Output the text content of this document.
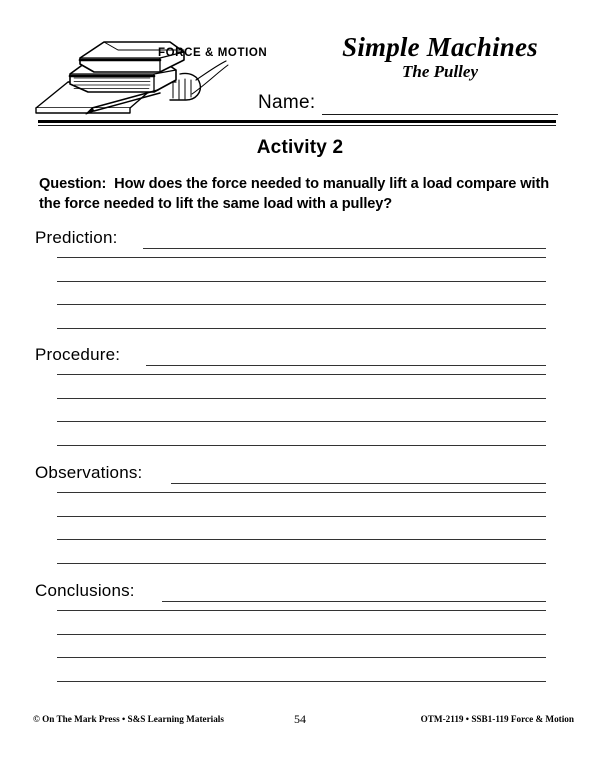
FORCE & MOTION	Simple Machines
The Pulley
Name:
Activity 2
Question: How does the force needed to manually lift a load compare with the force needed to lift the same load with a pulley?
Prediction:
Procedure:
Observations:
Conclusions:
© On The Mark Press • S&S Learning Materials	54	OTM-2119 • SSB1-119 Force & Motion
